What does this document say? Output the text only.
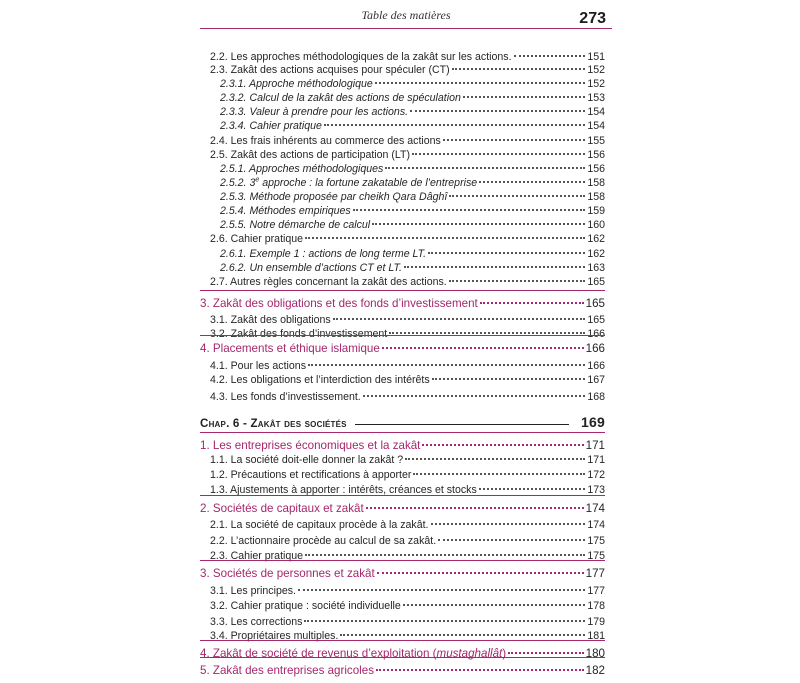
Table des matières	273
2.2. Les approches méthodologiques de la zakât sur les actions.	151
2.3. Zakât des actions acquises pour spéculer (CT)	152
2.3.1. Approche méthodologique	152
2.3.2. Calcul de la zakât des actions de spéculation	153
2.3.3. Valeur à prendre pour les actions.	154
2.3.4. Cahier pratique	154
2.4. Les frais inhérents au commerce des actions	155
2.5. Zakât des actions de participation (LT)	156
2.5.1. Approches méthodologiques	156
2.5.2. 3e approche : la fortune zakatable de l’entreprise	158
2.5.3. Méthode proposée par cheikh Qara Dâghî	158
2.5.4. Méthodes empiriques	159
2.5.5. Notre démarche de calcul	160
2.6. Cahier pratique	162
2.6.1. Exemple 1 : actions de long terme LT.	162
2.6.2. Un ensemble d’actions CT et LT.	163
2.7. Autres règles concernant la zakât des actions.	165
3. Zakât des obligations et des fonds d’investissement	165
3.1. Zakât des obligations	165
3.2. Zakât des fonds d’investissement	166
4. Placements et éthique islamique	166
4.1. Pour les actions	166
4.2. Les obligations et l’interdiction des intérêts	167
4.3. Les fonds d’investissement.	168
Chap. 6 - Zakât des sociétés	169
1. Les entreprises économiques et la zakât	171
1.1. La société doit-elle donner la zakât ?	171
1.2. Précautions et rectifications à apporter	172
1.3. Ajustements à apporter : intérêts, créances et stocks	173
2. Sociétés de capitaux et zakât	174
2.1. La société de capitaux procède à la zakât.	174
2.2. L’actionnaire procède au calcul de sa zakât.	175
2.3. Cahier pratique	175
3. Sociétés de personnes et zakât	177
3.1. Les principes.	177
3.2. Cahier pratique : société individuelle	178
3.3. Les corrections	179
3.4. Propriétaires multiples.	181
4. Zakât de société de revenus d’exploitation (mustaghallât)	180
5. Zakât des entreprises agricoles	182
